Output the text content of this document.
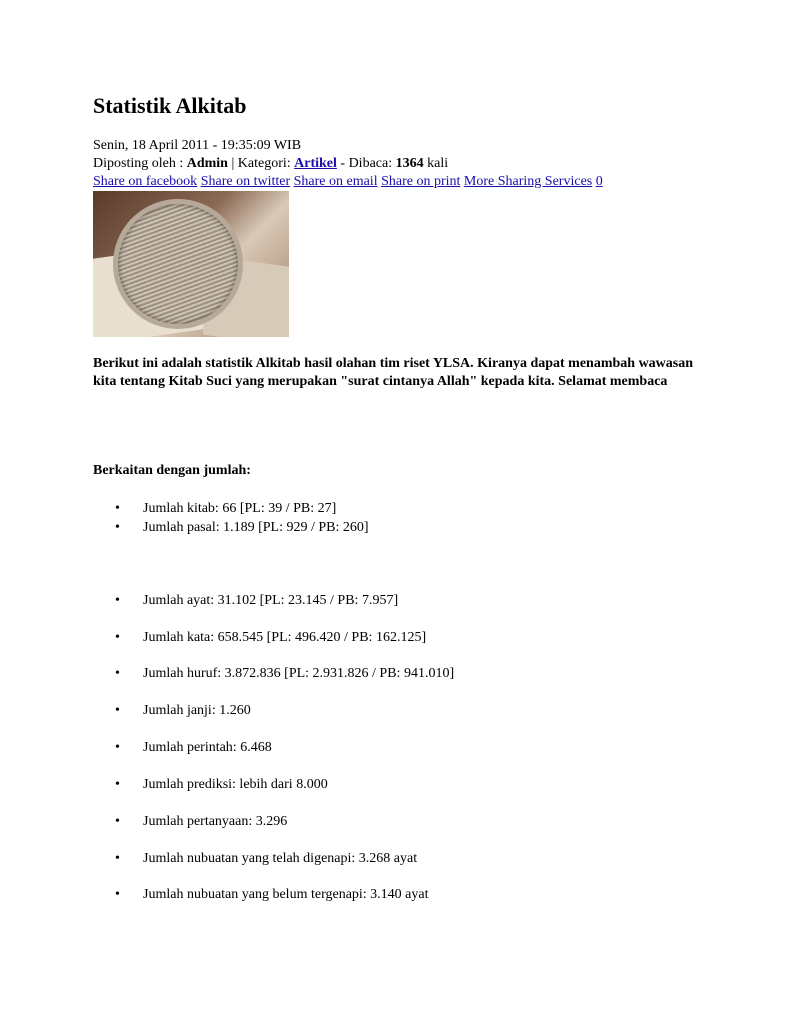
Statistik Alkitab
Senin, 18 April 2011 - 19:35:09 WIB
Diposting oleh : Admin | Kategori: Artikel - Dibaca: 1364 kali
Share on facebook Share on twitter Share on email Share on print More Sharing Services 0
Berikut ini adalah statistik Alkitab hasil olahan tim riset YLSA. Kiranya dapat menambah wawasan kita tentang Kitab Suci yang merupakan "surat cintanya Allah" kepada kita. Selamat membaca
Berkaitan dengan jumlah:
• Jumlah kitab: 66 [PL: 39 / PB: 27]
• Jumlah pasal: 1.189 [PL: 929 / PB: 260]
• Jumlah ayat: 31.102 [PL: 23.145 / PB: 7.957]
• Jumlah kata: 658.545 [PL: 496.420 / PB: 162.125]
• Jumlah huruf: 3.872.836 [PL: 2.931.826 / PB: 941.010]
• Jumlah janji: 1.260
• Jumlah perintah: 6.468
• Jumlah prediksi: lebih dari 8.000
• Jumlah pertanyaan: 3.296
• Jumlah nubuatan yang telah digenapi: 3.268 ayat
• Jumlah nubuatan yang belum tergenapi: 3.140 ayat
